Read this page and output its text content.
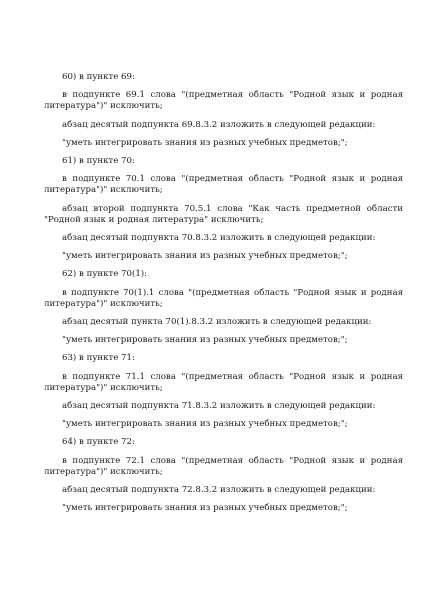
60) в пункте 69:

в подпункте 69.1 слова "(предметная область "Родной язык и родная литература")" исключить;

абзац десятый подпункта 69.8.3.2 изложить в следующей редакции:

"уметь интегрировать знания из разных учебных предметов;";

61) в пункте 70:

в подпункте 70.1 слова "(предметная область "Родной язык и родная литература")" исключить;

абзац второй подпункта 70.5.1 слова "Как часть предметной области "Родной язык и родная литература" исключить;

абзац десятый подпункта 70.8.3.2 изложить в следующей редакции:

"уметь интегрировать знания из разных учебных предметов;";

62) в пункте 70(1):

в подпункте 70(1).1 слова "(предметная область "Родной язык и родная литература")" исключить;

абзац десятый пункта 70(1).8.3.2 изложить в следующей редакции:

"уметь интегрировать знания из разных учебных предметов;";

63) в пункте 71:

в подпункте 71.1 слова "(предметная область "Родной язык и родная литература")" исключить;

абзац десятый подпункта 71.8.3.2 изложить в следующей редакции:

"уметь интегрировать знания из разных учебных предметов;";

64) в пункте 72:

в подпункте 72.1 слова "(предметная область "Родной язык и родная литература")" исключить;

абзац десятый подпункта 72.8.3.2 изложить в следующей редакции:

"уметь интегрировать знания из разных учебных предметов;";
